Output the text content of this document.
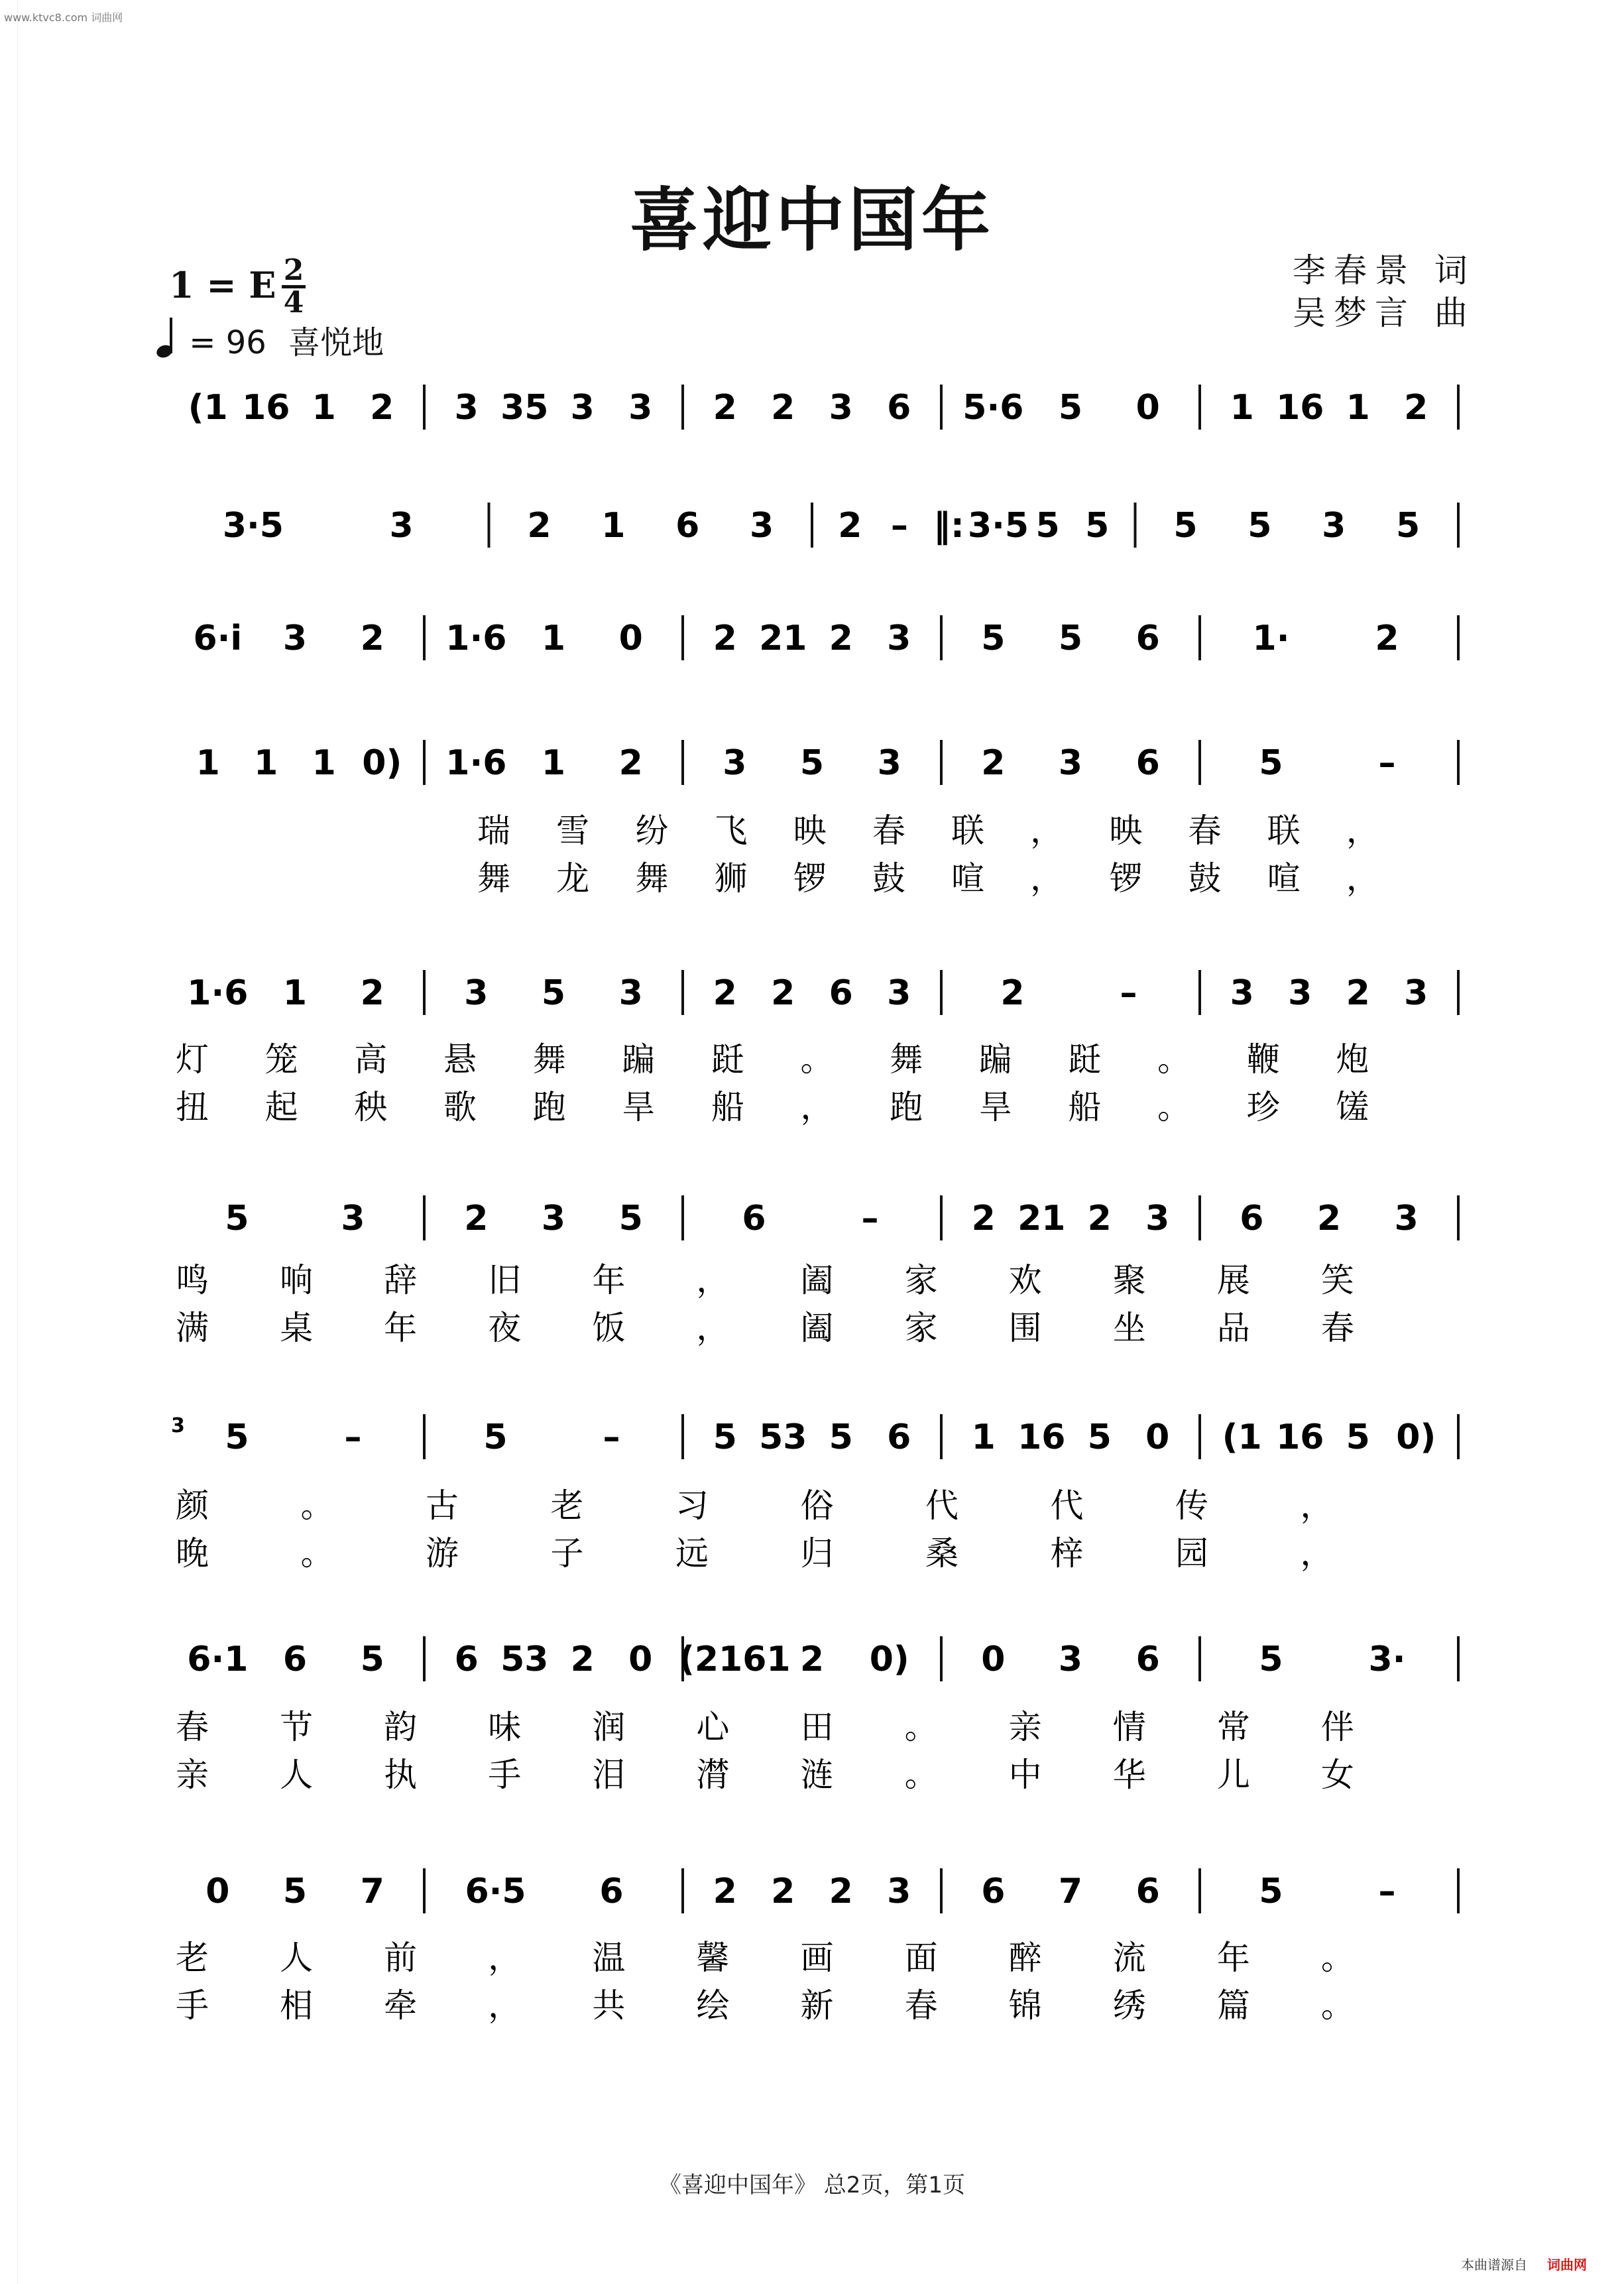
www.ktvc8.com 词曲网
喜迎中国年
李春景 词
吴梦言 曲
1 = E 2
4
= 96 喜悦地
(1 16 1 2 3 35 3 3 2 2 3 6 5·6 5 0 1 16 1 2
3·5	3	2 1 6 3 2 – ‖: 3·5 5 5 5 5 3 5
6·i 3 2 1·6 1 0 2 21 2 3 5 5 6	1· 2
1 1 1 0) 1·6 1 2 3 5 3 2 3 6	5	–
1·6 1 2 3 5 3 2 2 6 3	2	–	3 3 2 3
5	3	2 3 5	6	–	2 21 2 3 6 2 3
5	–	5	–	5 53 5 6 1 16 5 0 (1 16 5 0)
6·1 6 5 6 53 2 0 (2161 2 0) 0 3 6	5 3·
0 5 7 6·5 6	2 2 2 3 6 7 6	5	–
瑞 雪 纷 飞 映 春 联 ， 映 春 联 ，
舞 龙 舞 狮 锣 鼓 喧 ， 锣 鼓 喧 ，
灯 笼 高 悬 舞 蹁 跹 。 舞 蹁 跹 。 鞭 炮
扭 起 秧 歌 跑 旱 船 ， 跑 旱 船 。 珍 馐
鸣 响 辞 旧 年 ， 阖 家 欢 聚 展 笑
满 桌 年 夜 饭 ， 阖 家 围 坐 品 春
颜	。	古	老	习	俗	代	代	传	，
晚	。	游	子	远	归	桑	梓	园	，
春 节 韵 味 润 心 田 。 亲 情 常 伴
亲 人 执 手 泪 潸 涟 。 中 华 儿 女
老 人 前 ， 温 馨 画 面 醉 流 年 。
手 相 牵 ， 共 绘 新 春 锦 绣 篇 。
3
《喜迎中国年》 总2页，第1页
本曲谱源自 词曲网
